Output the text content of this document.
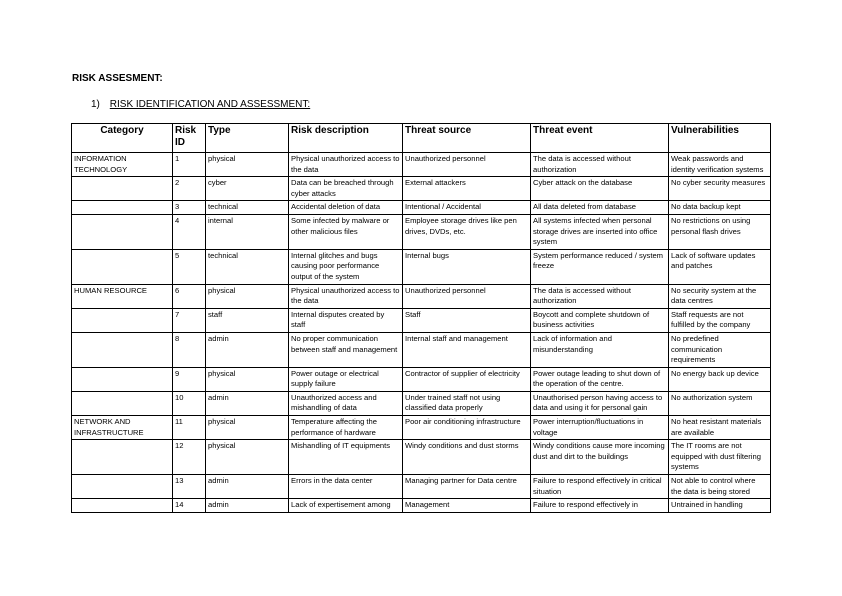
RISK ASSESMENT:
1) RISK IDENTIFICATION AND ASSESSMENT:
Category	Risk ID	Type	Risk description	Threat source	Threat event	Vulnerabilities
INFORMATION TECHNOLOGY	1	physical	Physical unauthorized access to the data	Unauthorized personnel	The data is accessed without authorization	Weak passwords and identity verification systems
	2	cyber	Data can be breached through cyber attacks	External attackers	Cyber attack on the database	No cyber security measures
	3	technical	Accidental deletion of data	Intentional / Accidental	All data deleted from database	No data backup kept
	4	internal	Some infected by malware or other malicious files	Employee storage drives like pen drives, DVDs, etc.	All systems infected when personal storage drives are inserted into office system	No restrictions on using personal flash drives
	5	technical	Internal glitches and bugs causing poor performance output of the system	Internal bugs	System performance reduced / system freeze	Lack of software updates and patches
HUMAN RESOURCE	6	physical	Physical unauthorized access to the data	Unauthorized personnel	The data is accessed without authorization	No security system at the data centres
	7	staff	Internal disputes created by staff	Staff	Boycott and complete shutdown of business activities	Staff requests are not fulfilled by the company
	8	admin	No proper communication between staff and management	Internal staff and management	Lack of information and misunderstanding	No predefined communication requirements
	9	physical	Power outage or electrical supply failure	Contractor of supplier of electricity	Power outage leading to shut down of the operation of the centre.	No energy back up device
	10	admin	Unauthorized access and mishandling of data	Under trained staff not using classified data properly	Unauthorised person having access to data and using it for personal gain	No authorization system
NETWORK AND INFRASTRUCTURE	11	physical	Temperature affecting the performance of hardware	Poor air conditioning infrastructure	Power interruption/fluctuations in voltage	No heat resistant materials are available
	12	physical	Mishandling of IT equipments	Windy conditions and dust storms	Windy conditions cause more incoming dust and dirt to the buildings	The IT rooms are not equipped with dust filtering systems
	13	admin	Errors in the data center	Managing partner for Data centre	Failure to respond effectively in critical situation	Not able to control where the data is being stored
	14	admin	Lack of expertisement among	Management	Failure to respond effectively in	Untrained in handling
